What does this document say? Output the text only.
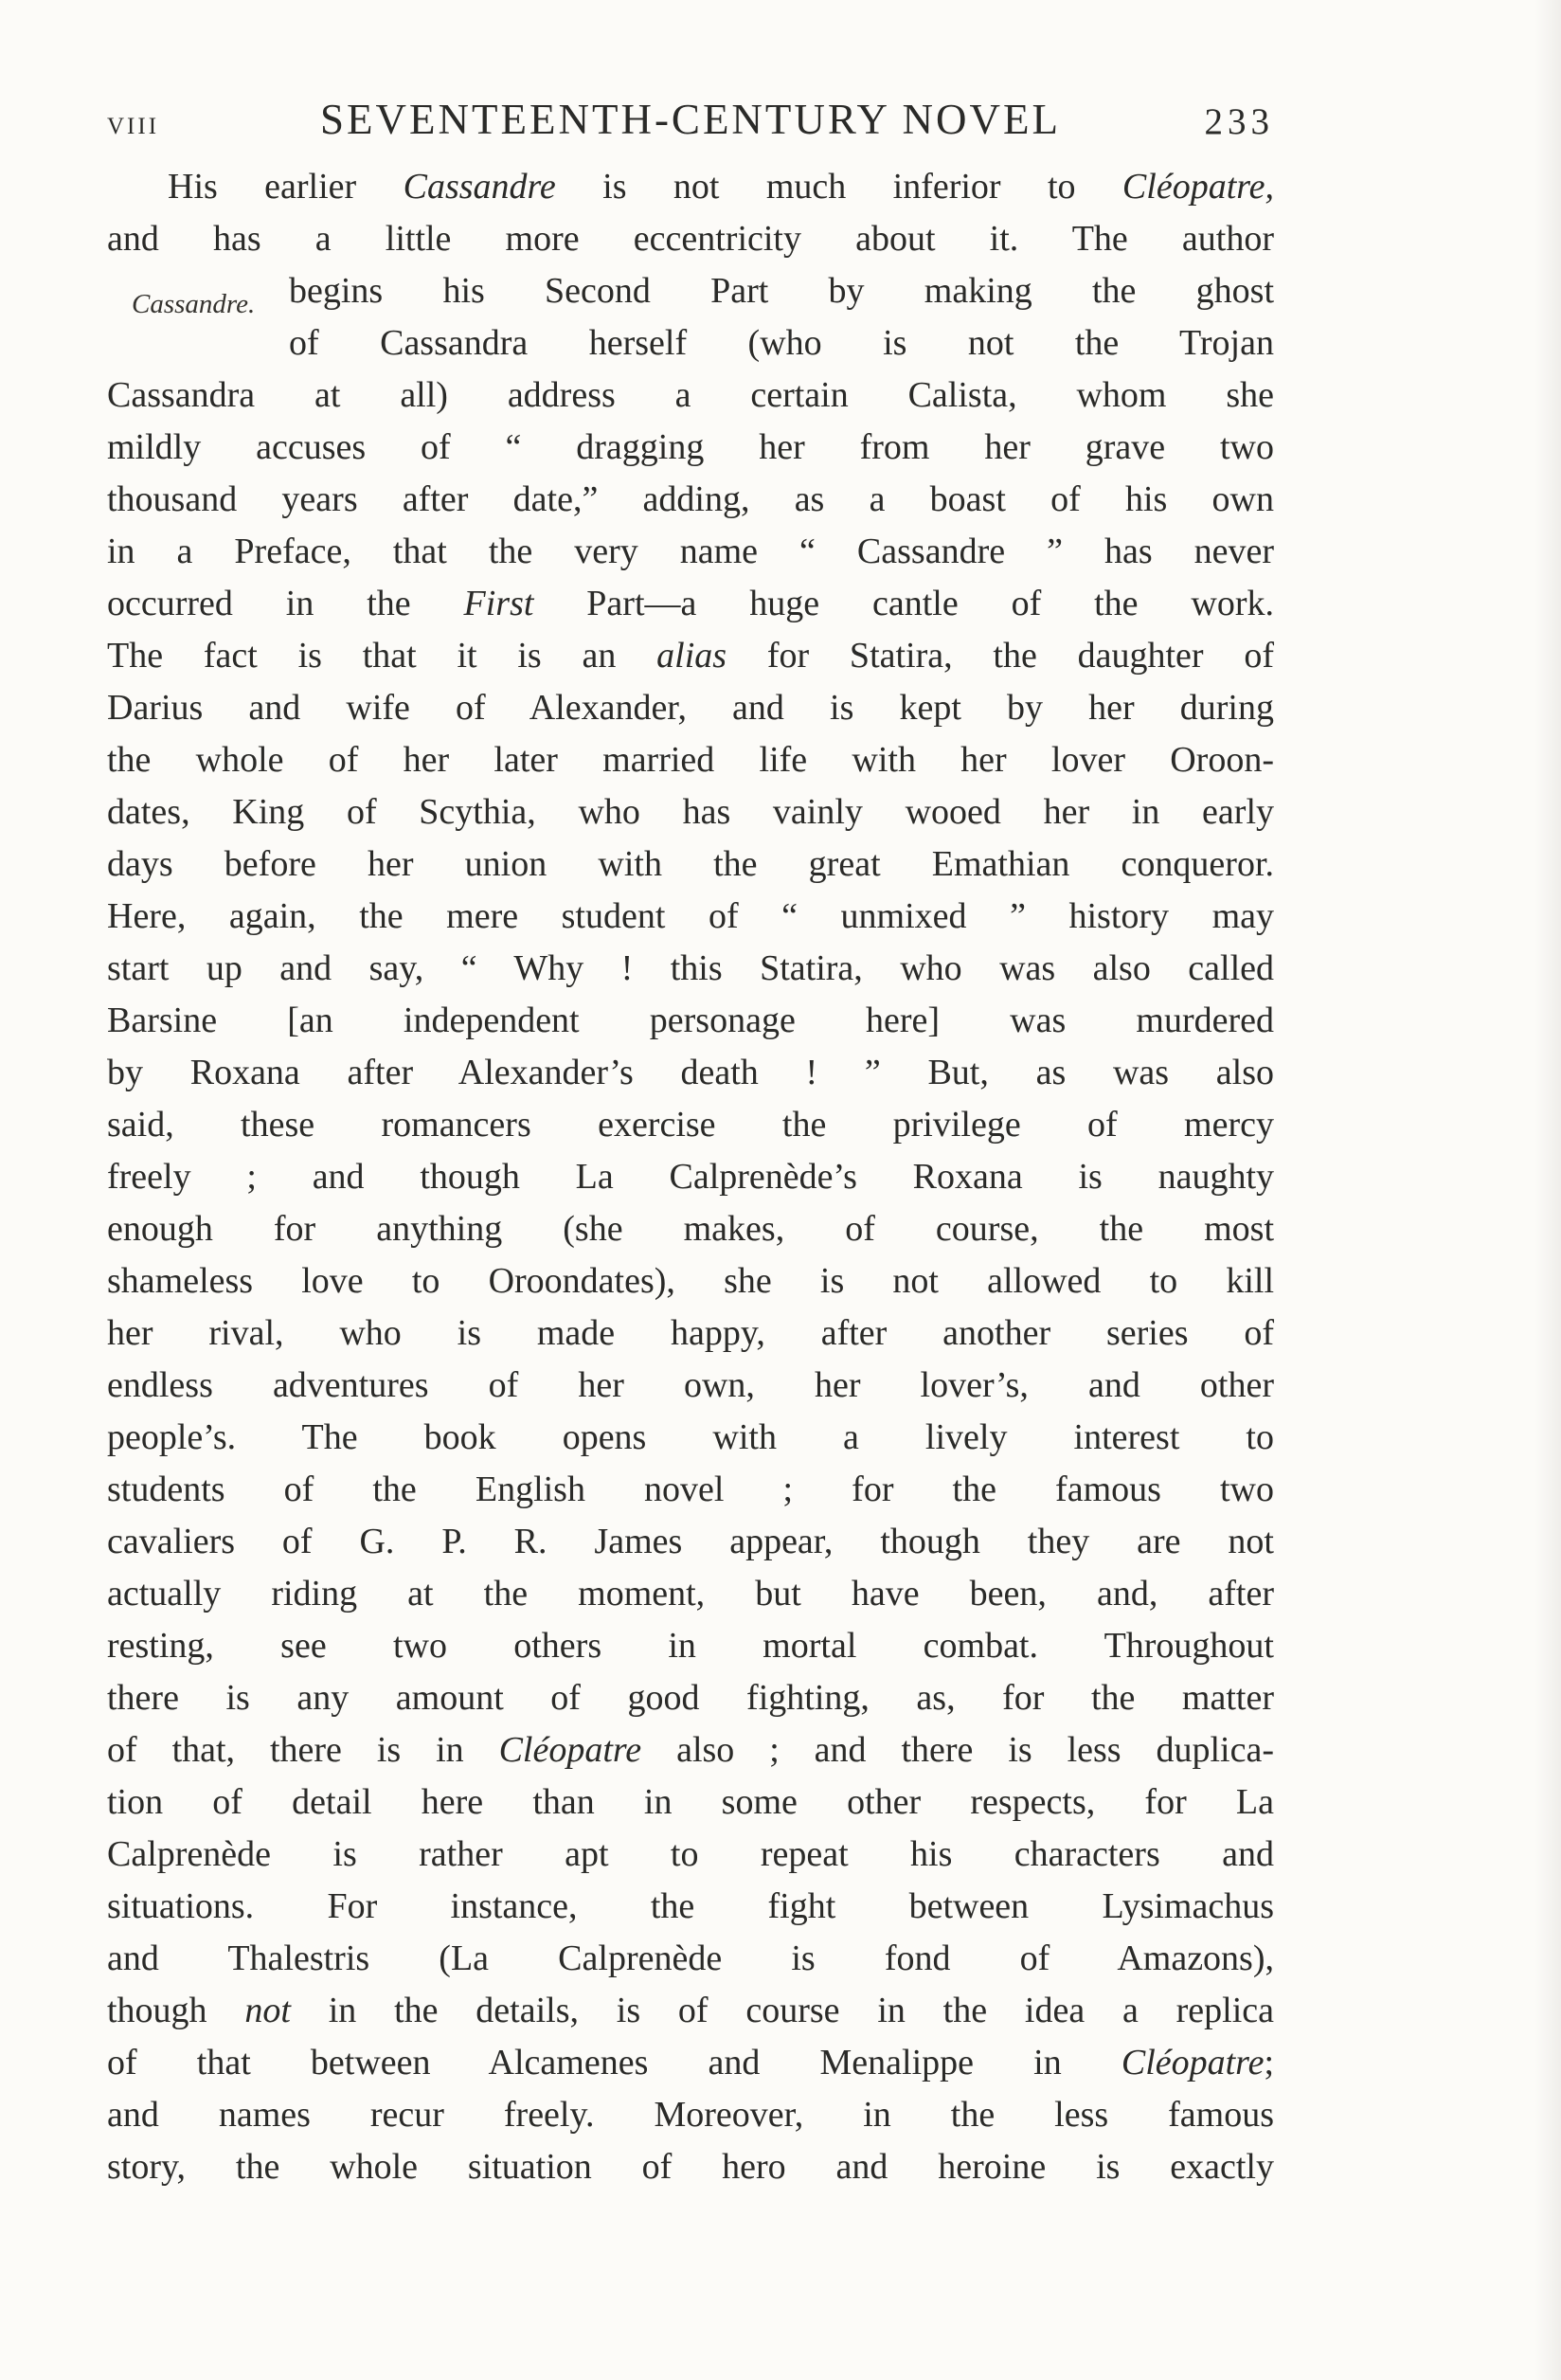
VIII	SEVENTEENTH-CENTURY NOVEL	233
Cassandre.
His earlier Cassandre is not much inferior to Cléopatre,
and has a little more eccentricity about it. The author
begins his Second Part by making the ghost
of Cassandra herself (who is not the Trojan
Cassandra at all) address a certain Calista, whom she
mildly accuses of “ dragging her from her grave two
thousand years after date,” adding, as a boast of his own
in a Preface, that the very name “ Cassandre ” has never
occurred in the First Part—a huge cantle of the work.
The fact is that it is an alias for Statira, the daughter of
Darius and wife of Alexander, and is kept by her during
the whole of her later married life with her lover Oroon-
dates, King of Scythia, who has vainly wooed her in early
days before her union with the great Emathian conqueror.
Here, again, the mere student of “ unmixed ” history may
start up and say, “ Why ! this Statira, who was also called
Barsine [an independent personage here] was murdered
by Roxana after Alexander’s death ! ” But, as was also
said, these romancers exercise the privilege of mercy
freely ; and though La Calprenède’s Roxana is naughty
enough for anything (she makes, of course, the most
shameless love to Oroondates), she is not allowed to kill
her rival, who is made happy, after another series of
endless adventures of her own, her lover’s, and other
people’s. The book opens with a lively interest to
students of the English novel ; for the famous two
cavaliers of G. P. R. James appear, though they are not
actually riding at the moment, but have been, and, after
resting, see two others in mortal combat. Throughout
there is any amount of good fighting, as, for the matter
of that, there is in Cléopatre also ; and there is less duplica-
tion of detail here than in some other respects, for La
Calprenède is rather apt to repeat his characters and
situations. For instance, the fight between Lysimachus
and Thalestris (La Calprenède is fond of Amazons),
though not in the details, is of course in the idea a replica
of that between Alcamenes and Menalippe in Cléopatre;
and names recur freely. Moreover, in the less famous
story, the whole situation of hero and heroine is exactly
